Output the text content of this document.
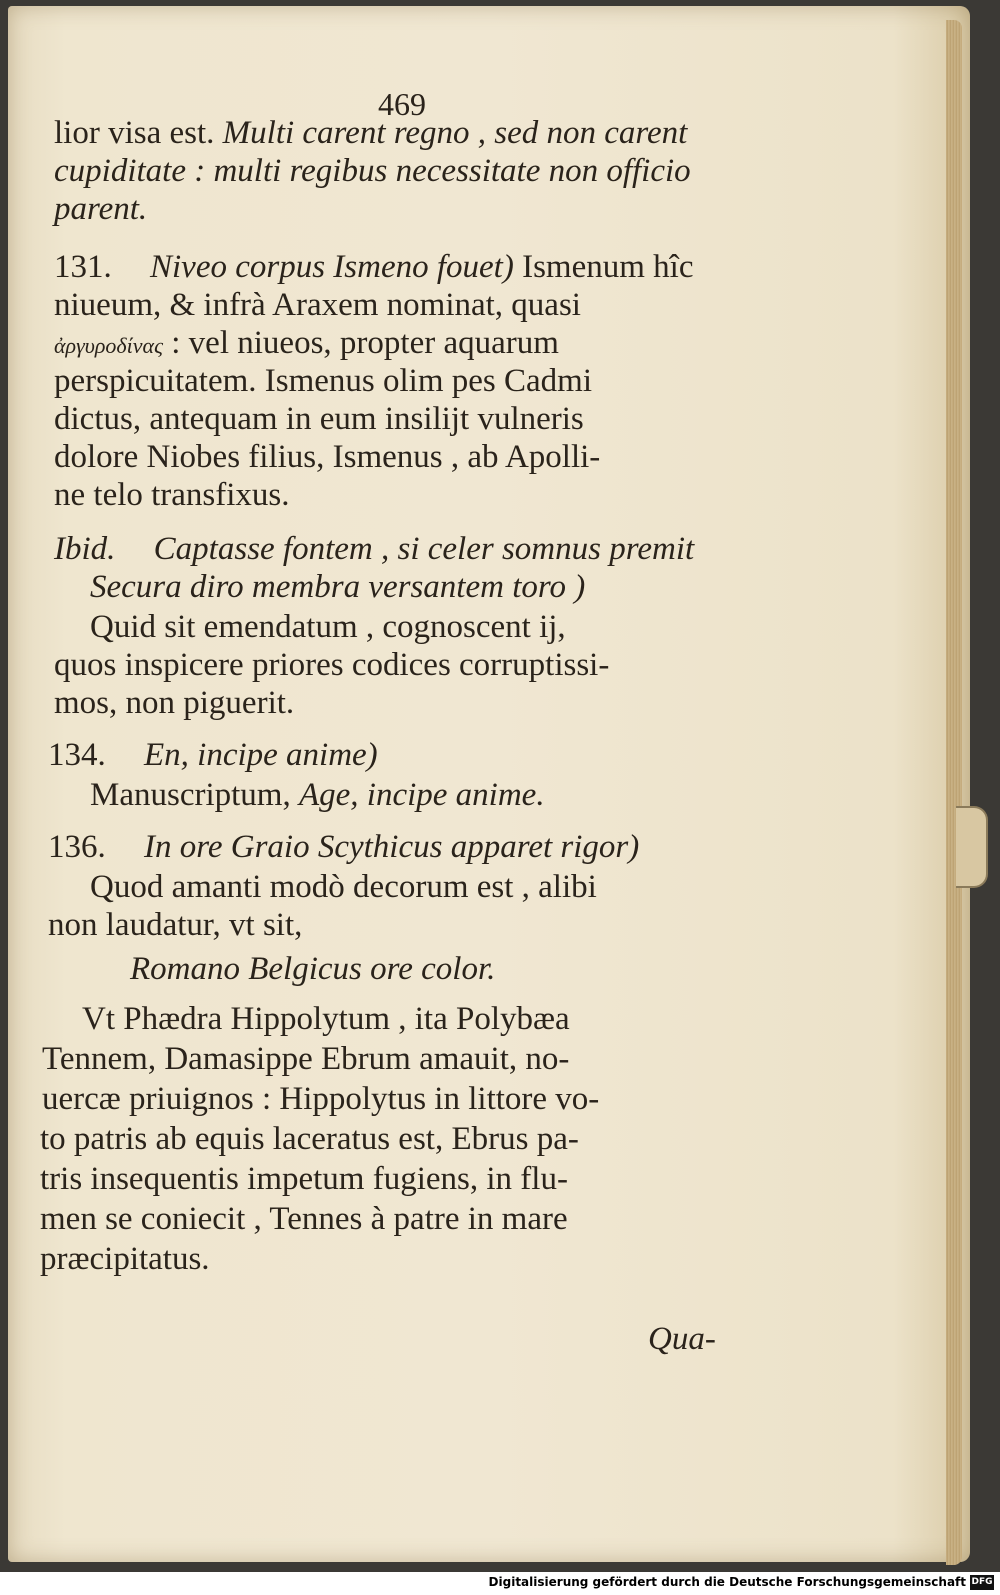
469
lior visa est. Multi carent regno , sed non carent
cupiditate : multi regibus necessitate non officio
parent.
131. Niveo corpus Ismeno fouet) Ismenum hîc
niueum, & infrà Araxem nominat, quasi
ἀργυροδίνας : vel niueos, propter aquarum
perspicuitatem. Ismenus olim pes Cadmi
dictus, antequam in eum insilijt vulneris
dolore Niobes filius, Ismenus , ab Apolli-
ne telo transfixus.
Ibid. Captasse fontem , si celer somnus premit
Secura diro membra versantem toro )
Quid sit emendatum , cognoscent ij,
quos inspicere priores codices corruptissi-
mos, non piguerit.
134. En, incipe anime)
Manuscriptum, Age, incipe anime.
136. In ore Graio Scythicus apparet rigor)
Quod amanti modò decorum est , alibi
non laudatur, vt sit,
Romano Belgicus ore color.
Vt Phædra Hippolytum , ita Polybæa
Tennem, Damasippe Ebrum amauit, no-
uercæ priuignos : Hippolytus in littore vo-
to patris ab equis laceratus est, Ebrus pa-
tris insequentis impetum fugiens, in flu-
men se coniecit , Tennes à patre in mare
præcipitatus.
Qua-
Digitalisierung gefördert durch die Deutsche Forschungsgemeinschaft DFG
